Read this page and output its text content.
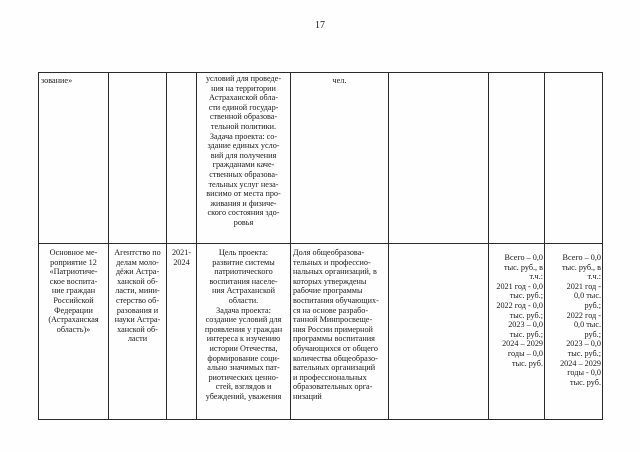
17
зование»	условий для проведе-
ния на территории
Астраханской обла-
сти единой государ-
ственной образова-
тельной политики.
Задача проекта: со-
здание единых усло-
вий для получения
гражданами каче-
ственных образова-
тельных услуг неза-
висимо от места про-
живания и физиче-
ского состояния здо-
ровья
чел.
Основное ме-
роприятие 12
«Патриотиче-
ское воспита-
ние граждан
Российской
Федерации
(Астраханская
область)»
Агентство по
делам моло-
дёжи Астра-
ханской об-
ласти, мини-
стерство об-
разования и
науки Астра-
ханской об-
ласти
2021-
2024
Цель проекта:
развитие системы
патриотического
воспитания населе-
ния Астраханской
области.
Задача проекта:
создание условий для
проявления у граждан
интереса к изучению
истории Отечества,
формирование соци-
ально значимых пат-
риотических ценно-
стей, взглядов и
убеждений, уважения
Доля общеобразова-
тельных и професcио-
нальных организаций, в
которых утверждены
рабочие программы
воспитания обучающих-
ся на основе разрабо-
танной Минпросвеще-
ния России примерной
программы воспитания
обучающихся от общего
количества общеобразо-
вательных организаций
и профессиональных
образовательных орга-
низаций
Всего – 0,0
тыс. руб., в
т.ч.:
2021 год - 0,0
тыс. руб.;
2022 год - 0,0
тыс. руб.;
2023 – 0,0
тыс. руб.;
2024 – 2029
годы – 0,0
тыс. руб.
Всего – 0,0
тыс. руб., в
т.ч.:
2021 год -
0,0 тыс.
руб.;
2022 год -
0,0 тыс.
руб.;
2023 – 0,0
тыс. руб.;
2024 – 2029
годы - 0,0
тыс. руб.
